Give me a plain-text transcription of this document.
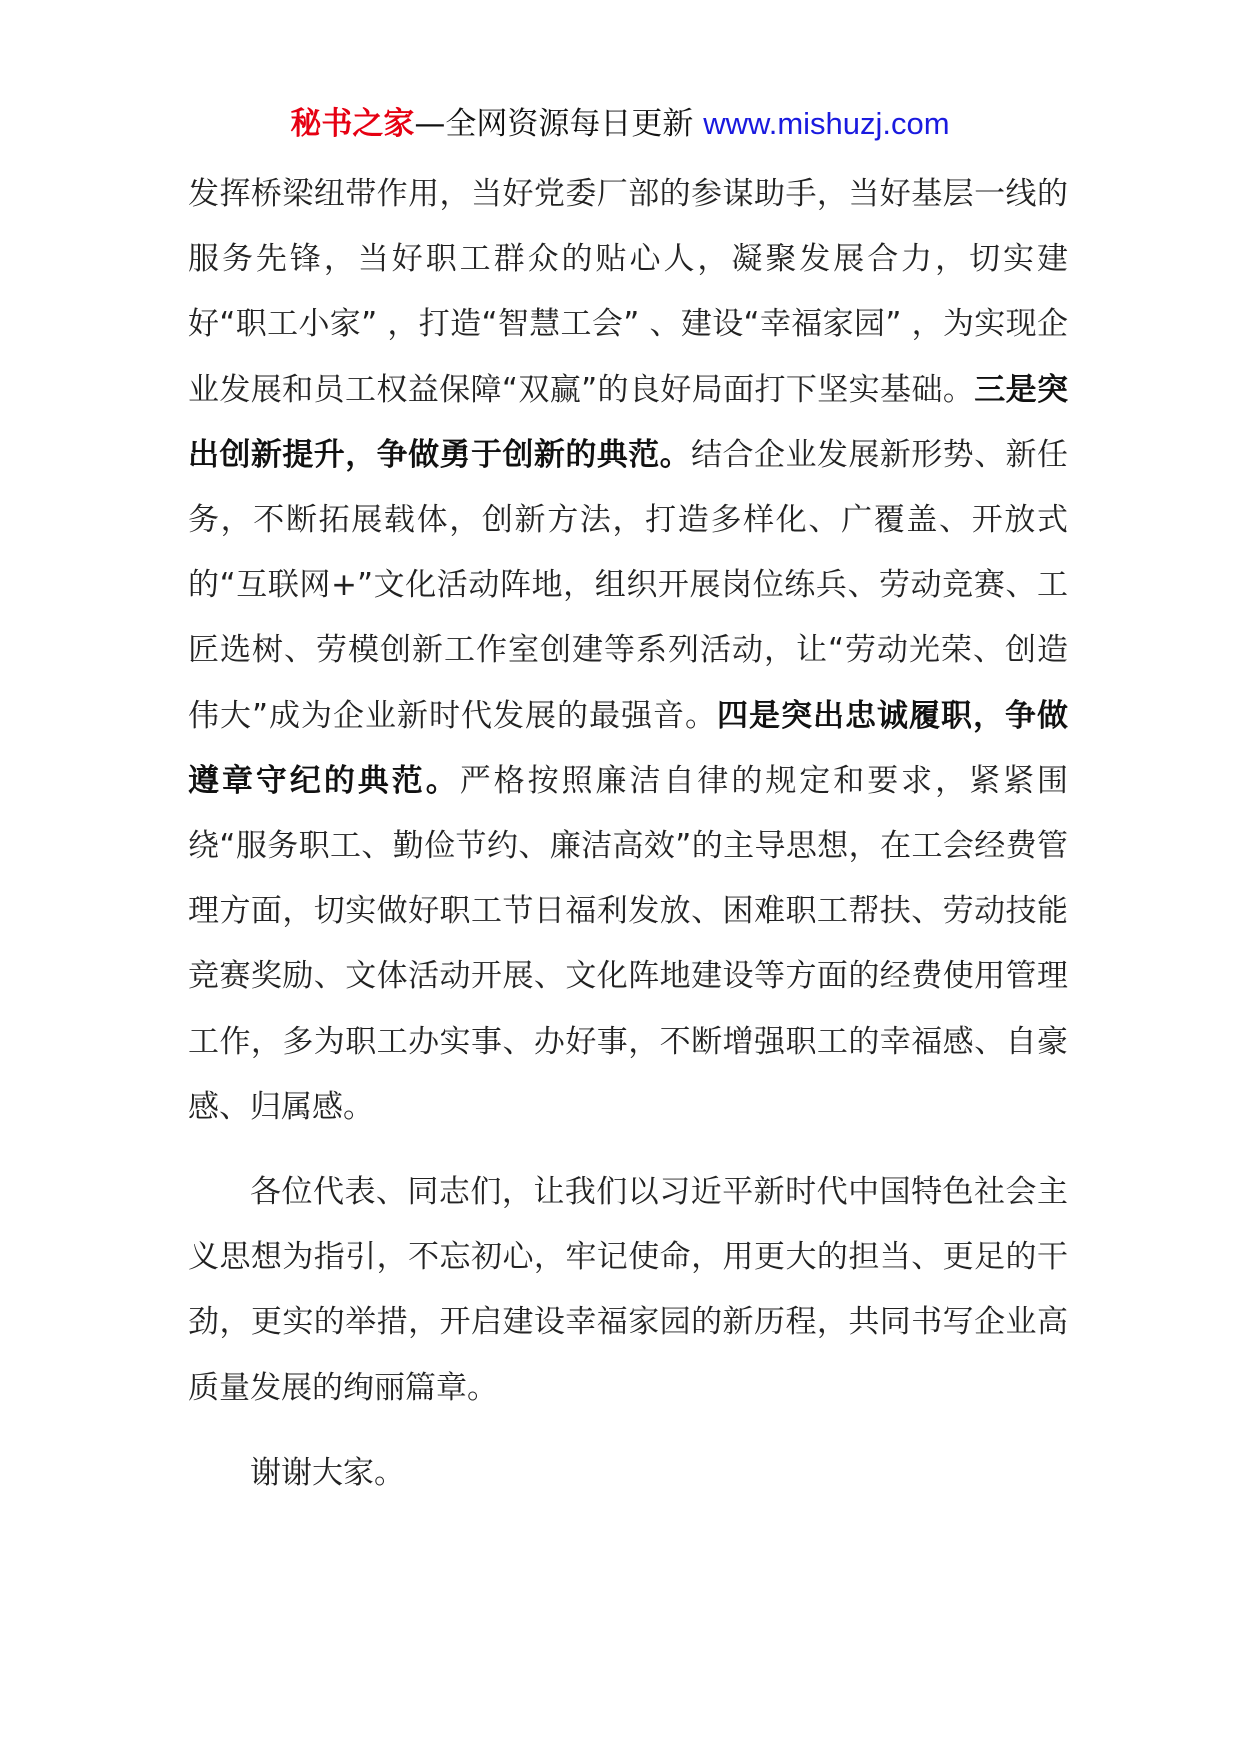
秘书之家—全网资源每日更新 www.mishuzj.com

发挥桥梁纽带作用，当好党委厂部的参谋助手，当好基层一线的服务先锋，当好职工群众的贴心人，凝聚发展合力，切实建好“职工小家” ，打造“智慧工会” 、建设“幸福家园” ，为实现企业发展和员工权益保障“双赢”的良好局面打下坚实基础。三是突出创新提升，争做勇于创新的典范。结合企业发展新形势、新任务，不断拓展载体，创新方法，打造多样化、广覆盖、开放式的“互联网+”文化活动阵地，组织开展岗位练兵、劳动竞赛、工匠选树、劳模创新工作室创建等系列活动，让“劳动光荣、创造伟大”成为企业新时代发展的最强音。四是突出忠诚履职，争做遵章守纪的典范。严格按照廉洁自律的规定和要求，紧紧围绕“服务职工、勤俭节约、廉洁高效”的主导思想，在工会经费管理方面，切实做好职工节日福利发放、困难职工帮扶、劳动技能竞赛奖励、文体活动开展、文化阵地建设等方面的经费使用管理工作，多为职工办实事、办好事，不断增强职工的幸福感、自豪感、归属感。

各位代表、同志们，让我们以习近平新时代中国特色社会主义思想为指引，不忘初心，牢记使命，用更大的担当、更足的干劲，更实的举措，开启建设幸福家园的新历程，共同书写企业高质量发展的绚丽篇章。

谢谢大家。
